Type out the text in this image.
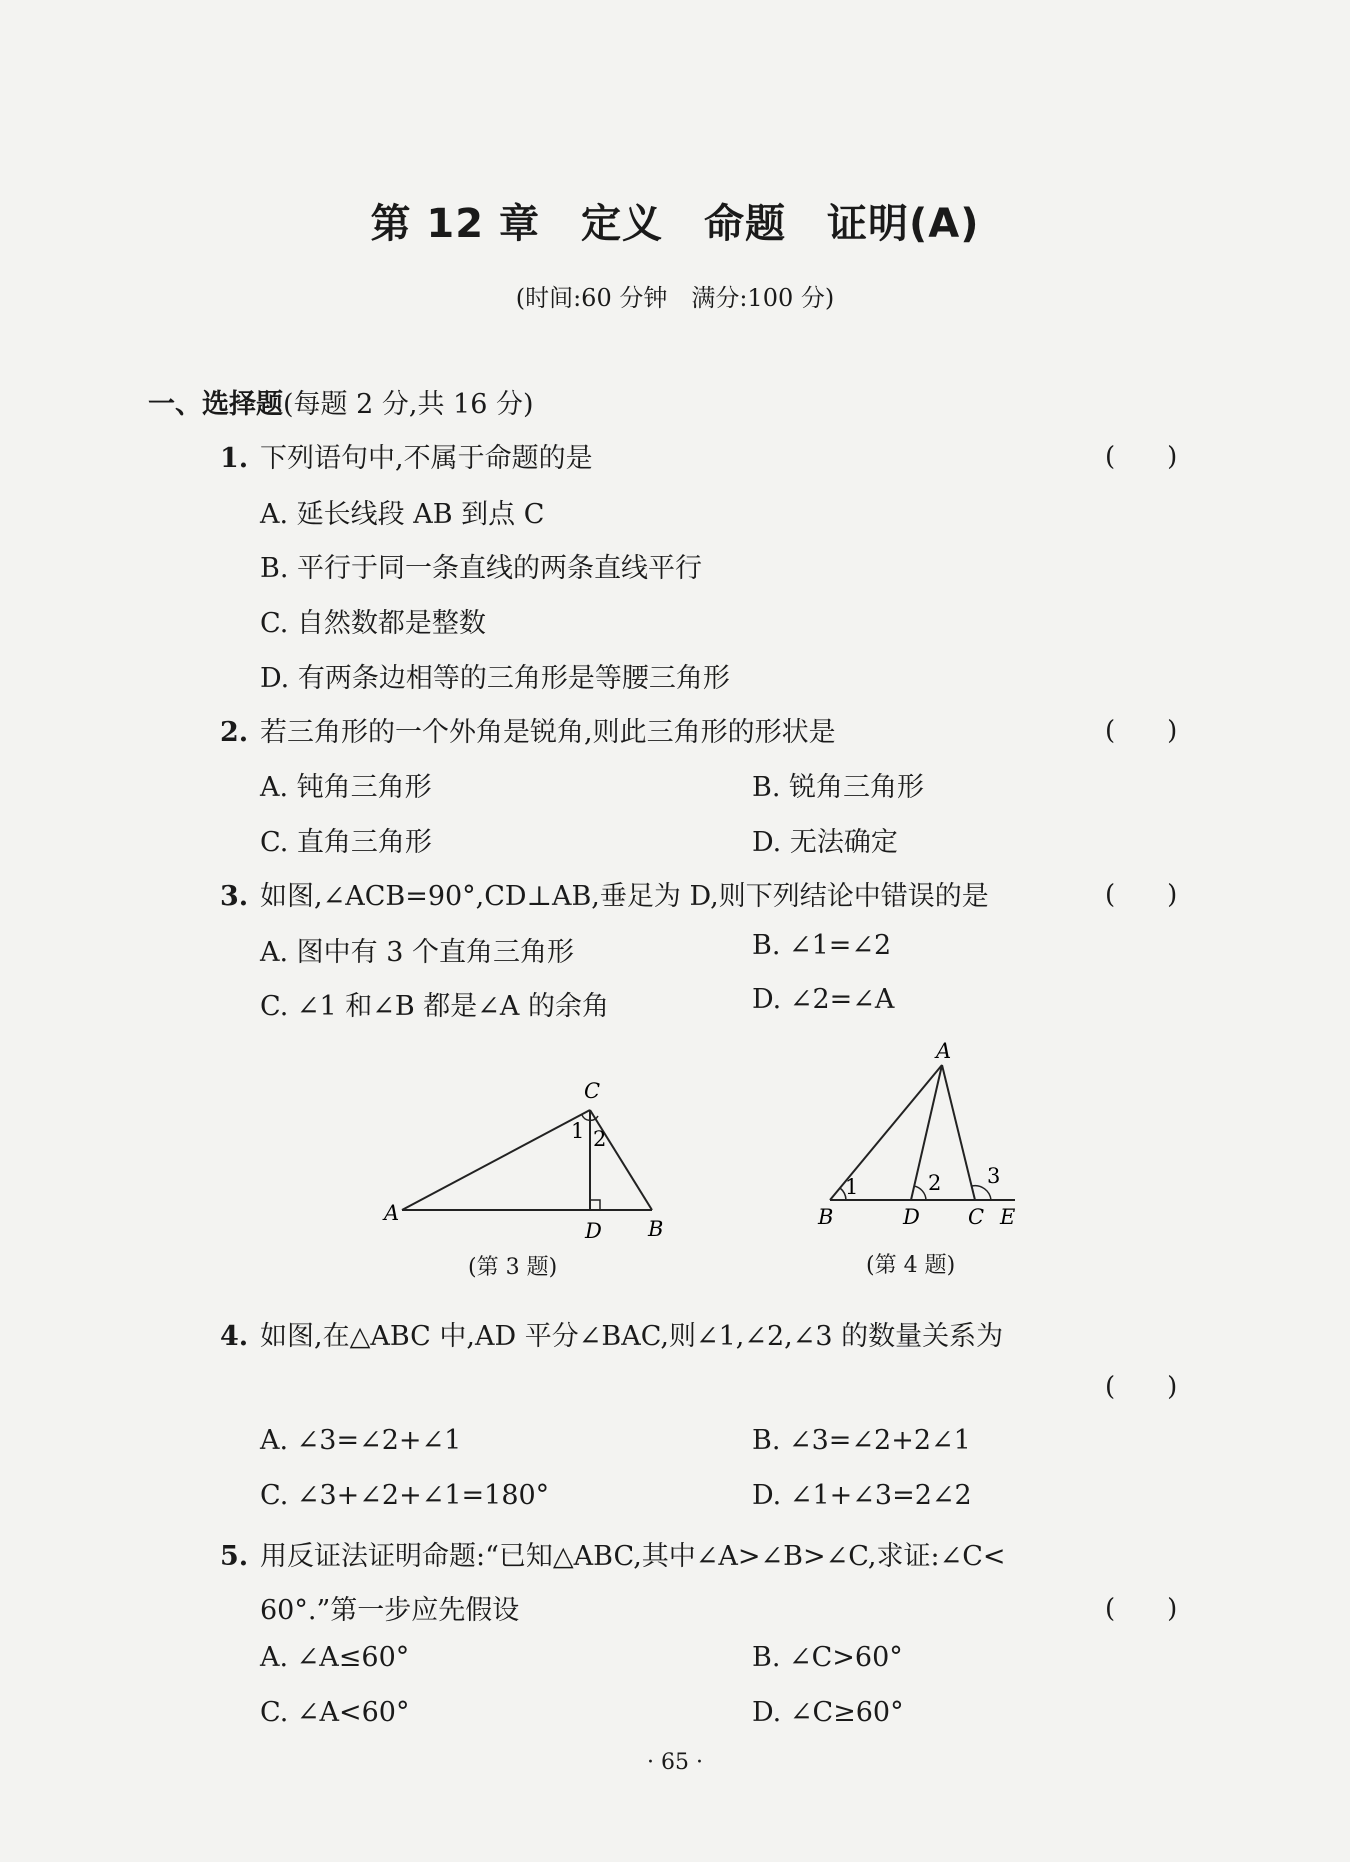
第 12 章　定义　命题　证明(A)
(时间:60 分钟　满分:100 分)
一、选择题(每题 2 分,共 16 分)
1. 下列语句中,不属于命题的是	(　　)
A. 延长线段 AB 到点 C
B. 平行于同一条直线的两条直线平行
C. 自然数都是整数
D. 有两条边相等的三角形是等腰三角形
2. 若三角形的一个外角是锐角,则此三角形的形状是	(　　)
A. 钝角三角形	B. 锐角三角形
C. 直角三角形	D. 无法确定
3. 如图,∠ACB=90°,CD⊥AB,垂足为 D,则下列结论中错误的是	(　　)
A. 图中有 3 个直角三角形	B. ∠1=∠2
C. ∠1 和∠B 都是∠A 的余角	D. ∠2=∠A
C
A
D B
1 2
(第 3 题)
A
B	D C E
1	2 3
(第 4 题)
4. 如图,在△ABC 中,AD 平分∠BAC,则∠1,∠2,∠3 的数量关系为
(　　)
A. ∠3=∠2+∠1	B. ∠3=∠2+2∠1
C. ∠3+∠2+∠1=180°	D. ∠1+∠3=2∠2
5. 用反证法证明命题:“已知△ABC,其中∠A>∠B>∠C,求证:∠C<
60°.”第一步应先假设	(　　)
A. ∠A≤60°	B. ∠C>60°
C. ∠A<60°	D. ∠C≥60°
· 65 ·
